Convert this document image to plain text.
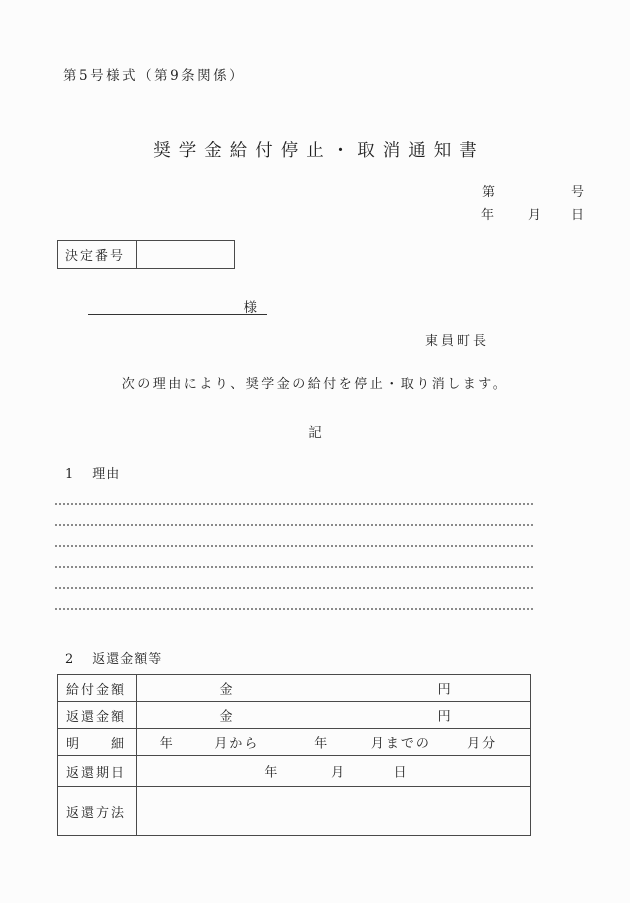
第5号様式（第9条関係）
奨学金給付停止・取消通知書
第	号
年	月 日
決定番号
様
東員町長
次の理由により、奨学金の給付を停止・取り消します。
記
1 理由
2 返還金額等
給付金額	金	円
返還金額	金	円
明　　細	年	月から	年	月までの	月分
返還期日	年	月	日
返還方法
